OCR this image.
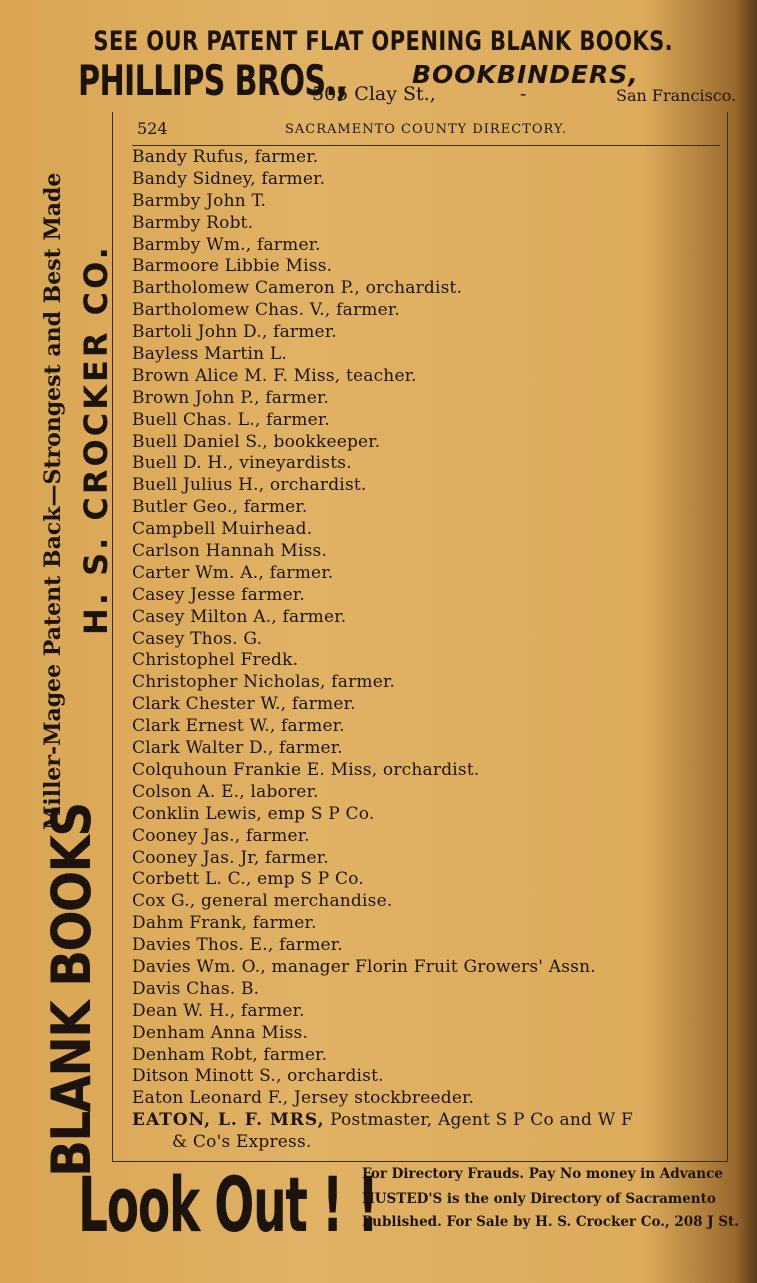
SEE OUR PATENT FLAT OPENING BLANK BOOKS.
PHILLIPS BROS.,	BOOKBINDERS,
505 Clay St.,	-	San Francisco.
Miller-Magee Patent Back—Strongest and Best Made H. S. CROCKER CO.
BLANK BOOKS
524	SACRAMENTO COUNTY DIRECTORY.
Bandy Rufus, farmer.
Bandy Sidney, farmer.
Barmby John T.
Barmby Robt.
Barmby Wm., farmer.
Barmoore Libbie Miss.
Bartholomew Cameron P., orchardist.
Bartholomew Chas. V., farmer.
Bartoli John D., farmer.
Bayless Martin L.
Brown Alice M. F. Miss, teacher.
Brown John P., farmer.
Buell Chas. L., farmer.
Buell Daniel S., bookkeeper.
Buell D. H., vineyardists.
Buell Julius H., orchardist.
Butler Geo., farmer.
Campbell Muirhead.
Carlson Hannah Miss.
Carter Wm. A., farmer.
Casey Jesse farmer.
Casey Milton A., farmer.
Casey Thos. G.
Christophel Fredk.
Christopher Nicholas, farmer.
Clark Chester W., farmer.
Clark Ernest W., farmer.
Clark Walter D., farmer.
Colquhoun Frankie E. Miss, orchardist.
Colson A. E., laborer.
Conklin Lewis, emp S P Co.
Cooney Jas., farmer.
Cooney Jas. Jr, farmer.
Corbett L. C., emp S P Co.
Cox G., general merchandise.
Dahm Frank, farmer.
Davies Thos. E., farmer.
Davies Wm. O., manager Florin Fruit Growers' Assn.
Davis Chas. B.
Dean W. H., farmer.
Denham Anna Miss.
Denham Robt, farmer.
Ditson Minott S., orchardist.
Eaton Leonard F., Jersey stockbreeder.
EATON, L. F. MRS, Postmaster, Agent S P Co and W F
& Co's Express.
Look Out ! !
For Directory Frauds. Pay No money in Advance
HUSTED'S is the only Directory of Sacramento
Published. For Sale by H. S. Crocker Co., 208 J St.
